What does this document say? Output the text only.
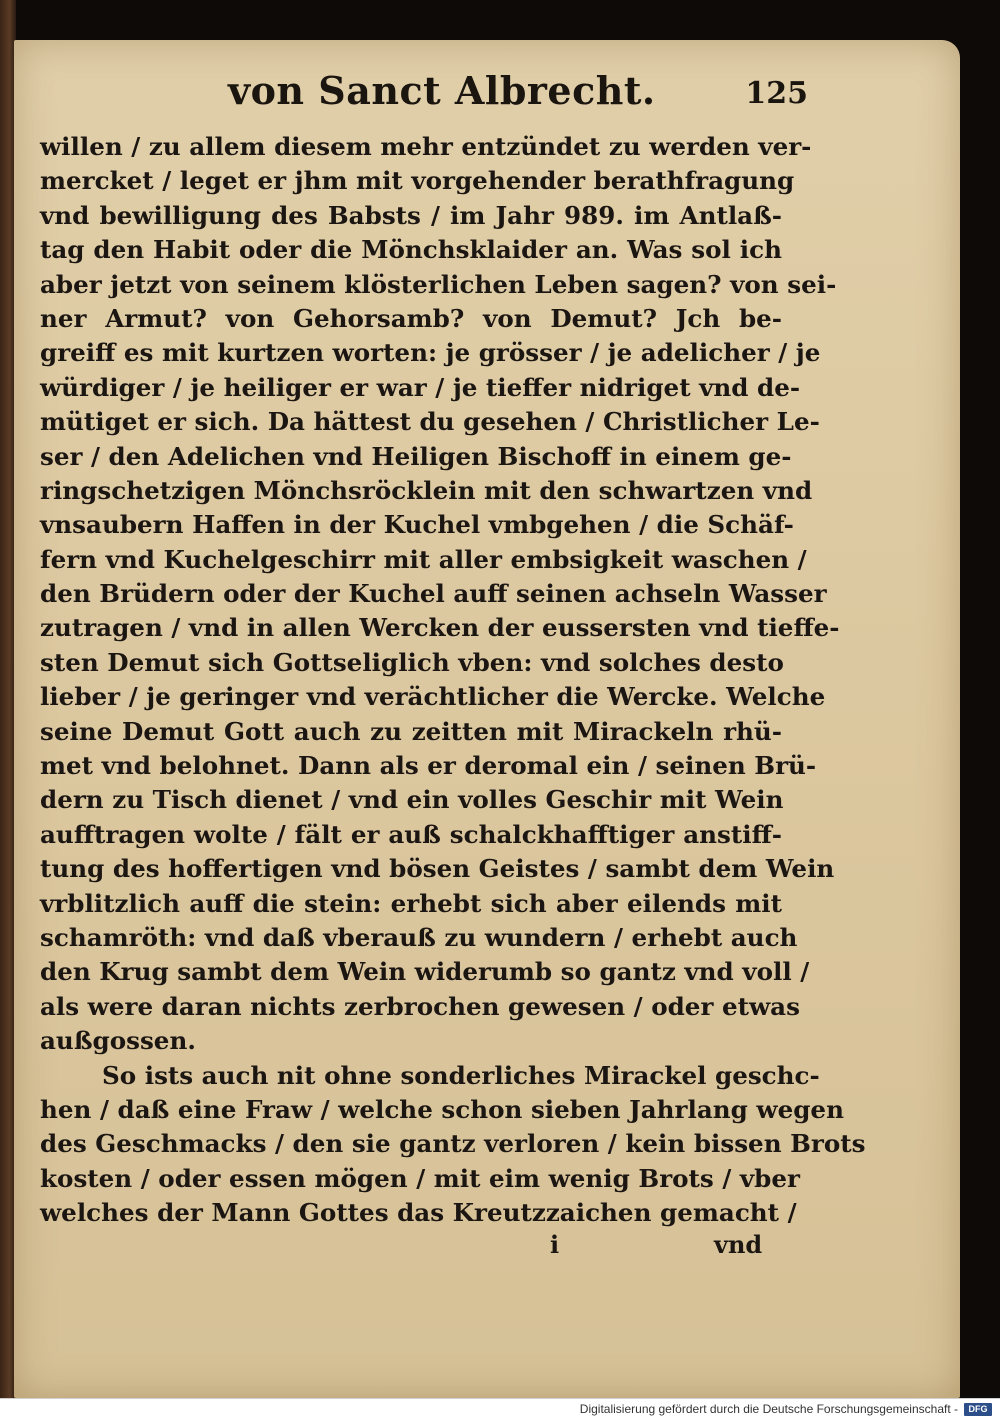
von Sanct Albrecht.	125
willen / zu allem diesem mehr entzündet zu werden ver-
mercket / leget er jhm mit vorgehender berathfragung
vnd bewilligung des Babsts / im Jahr 989. im Antlaß-
tag den Habit oder die Mönchsklaider an. Was sol ich
aber jetzt von seinem klösterlichen Leben sagen? von sei-
ner Armut? von Gehorsamb? von Demut? Jch be-
greiff es mit kurtzen worten: je grösser / je adelicher / je
würdiger / je heiliger er war / je tieffer nidriget vnd de-
mütiget er sich. Da hättest du gesehen / Christlicher Le-
ser / den Adelichen vnd Heiligen Bischoff in einem ge-
ringschetzigen Mönchsröcklein mit den schwartzen vnd
vnsaubern Haffen in der Kuchel vmbgehen / die Schäf-
fern vnd Kuchelgeschirr mit aller embsigkeit waschen /
den Brüdern oder der Kuchel auff seinen achseln Wasser
zutragen / vnd in allen Wercken der eussersten vnd tieffe-
sten Demut sich Gottseliglich vben: vnd solches desto
lieber / je geringer vnd verächtlicher die Wercke. Welche
seine Demut Gott auch zu zeitten mit Mirackeln rhü-
met vnd belohnet. Dann als er deromal ein / seinen Brü-
dern zu Tisch dienet / vnd ein volles Geschir mit Wein
aufftragen wolte / fält er auß schalckhafftiger anstiff-
tung des hoffertigen vnd bösen Geistes / sambt dem Wein
vrblitzlich auff die stein: erhebt sich aber eilends mit
schamröth: vnd daß vberauß zu wundern / erhebt auch
den Krug sambt dem Wein widerumb so gantz vnd voll /
als were daran nichts zerbrochen gewesen / oder etwas
außgossen.
So ists auch nit ohne sonderliches Mirackel geschc-
hen / daß eine Fraw / welche schon sieben Jahrlang wegen
des Geschmacks / den sie gantz verloren / kein bissen Brots
kosten / oder essen mögen / mit eim wenig Brots / vber
welches der Mann Gottes das Kreutzzaichen gemacht /
i	vnd
Digitalisierung gefördert durch die Deutsche Forschungsgemeinschaft -	DFG
